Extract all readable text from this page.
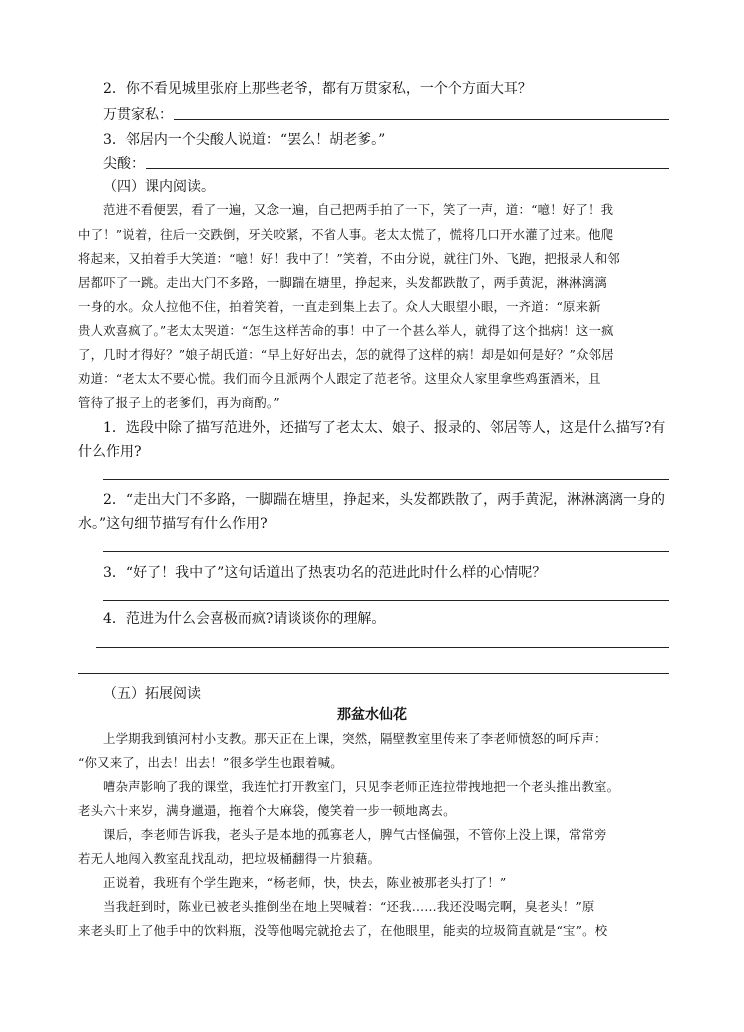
2．你不看见城里张府上那些老爷，都有万贯家私，一个个方面大耳？
万贯家私：
3．邻居内一个尖酸人说道：“罢么！胡老爹。”
尖酸：
（四）课内阅读。
范进不看便罢，看了一遍，又念一遍，自己把两手拍了一下，笑了一声，道：“噫！好了！我
中了！”说着，往后一交跌倒，牙关咬紧，不省人事。老太太慌了，慌将几口开水灌了过来。他爬
将起来，又拍着手大笑道：“噫！好！我中了！”笑着，不由分说，就往门外、飞跑，把报录人和邻
居都吓了一跳。走出大门不多路，一脚踹在塘里，挣起来，头发都跌散了，两手黄泥，淋淋漓漓
一身的水。众人拉他不住，拍着笑着，一直走到集上去了。众人大眼望小眼，一齐道：“原来新
贵人欢喜疯了。”老太太哭道：“怎生这样苦命的事！中了一个甚么举人，就得了这个拙病！这一疯
了，几时才得好？”娘子胡氏道：“早上好好出去，怎的就得了这样的病！却是如何是好？”众邻居
劝道：“老太太不要心慌。我们而今且派两个人跟定了范老爷。这里众人家里拿些鸡蛋酒米，且
管待了报子上的老爹们，再为商酌。”
1．选段中除了描写范进外，还描写了老太太、娘子、报录的、邻居等人，这是什么描写?有
什么作用?
2．“走出大门不多路，一脚踹在塘里，挣起来，头发都跌散了，两手黄泥，淋淋漓漓一身的
水。”这句细节描写有什么作用?
3．“好了！我中了”这句话道出了热衷功名的范进此时什么样的心情呢？
4．范进为什么会喜极而疯?请谈谈你的理解。
（五）拓展阅读
那盆水仙花
上学期我到镇河村小支教。那天正在上课，突然，隔壁教室里传来了李老师愤怒的呵斥声：
“你又来了，出去！出去！”很多学生也跟着喊。
嘈杂声影响了我的课堂，我连忙打开教室门，只见李老师正连拉带拽地把一个老头推出教室。
老头六十来岁，满身邋遢，拖着个大麻袋，傻笑着一步一顿地离去。
课后，李老师告诉我，老头子是本地的孤寡老人，脾气古怪偏强，不管你上没上课，常常旁
若无人地闯入教室乱找乱动，把垃圾桶翻得一片狼藉。
正说着，我班有个学生跑来，“杨老师，快，快去，陈业被那老头打了！”
当我赶到时，陈业已被老头推倒坐在地上哭喊着：“还我……我还没喝完啊，臭老头！”原
来老头盯上了他手中的饮料瓶，没等他喝完就抢去了，在他眼里，能卖的垃圾简直就是“宝”。校
